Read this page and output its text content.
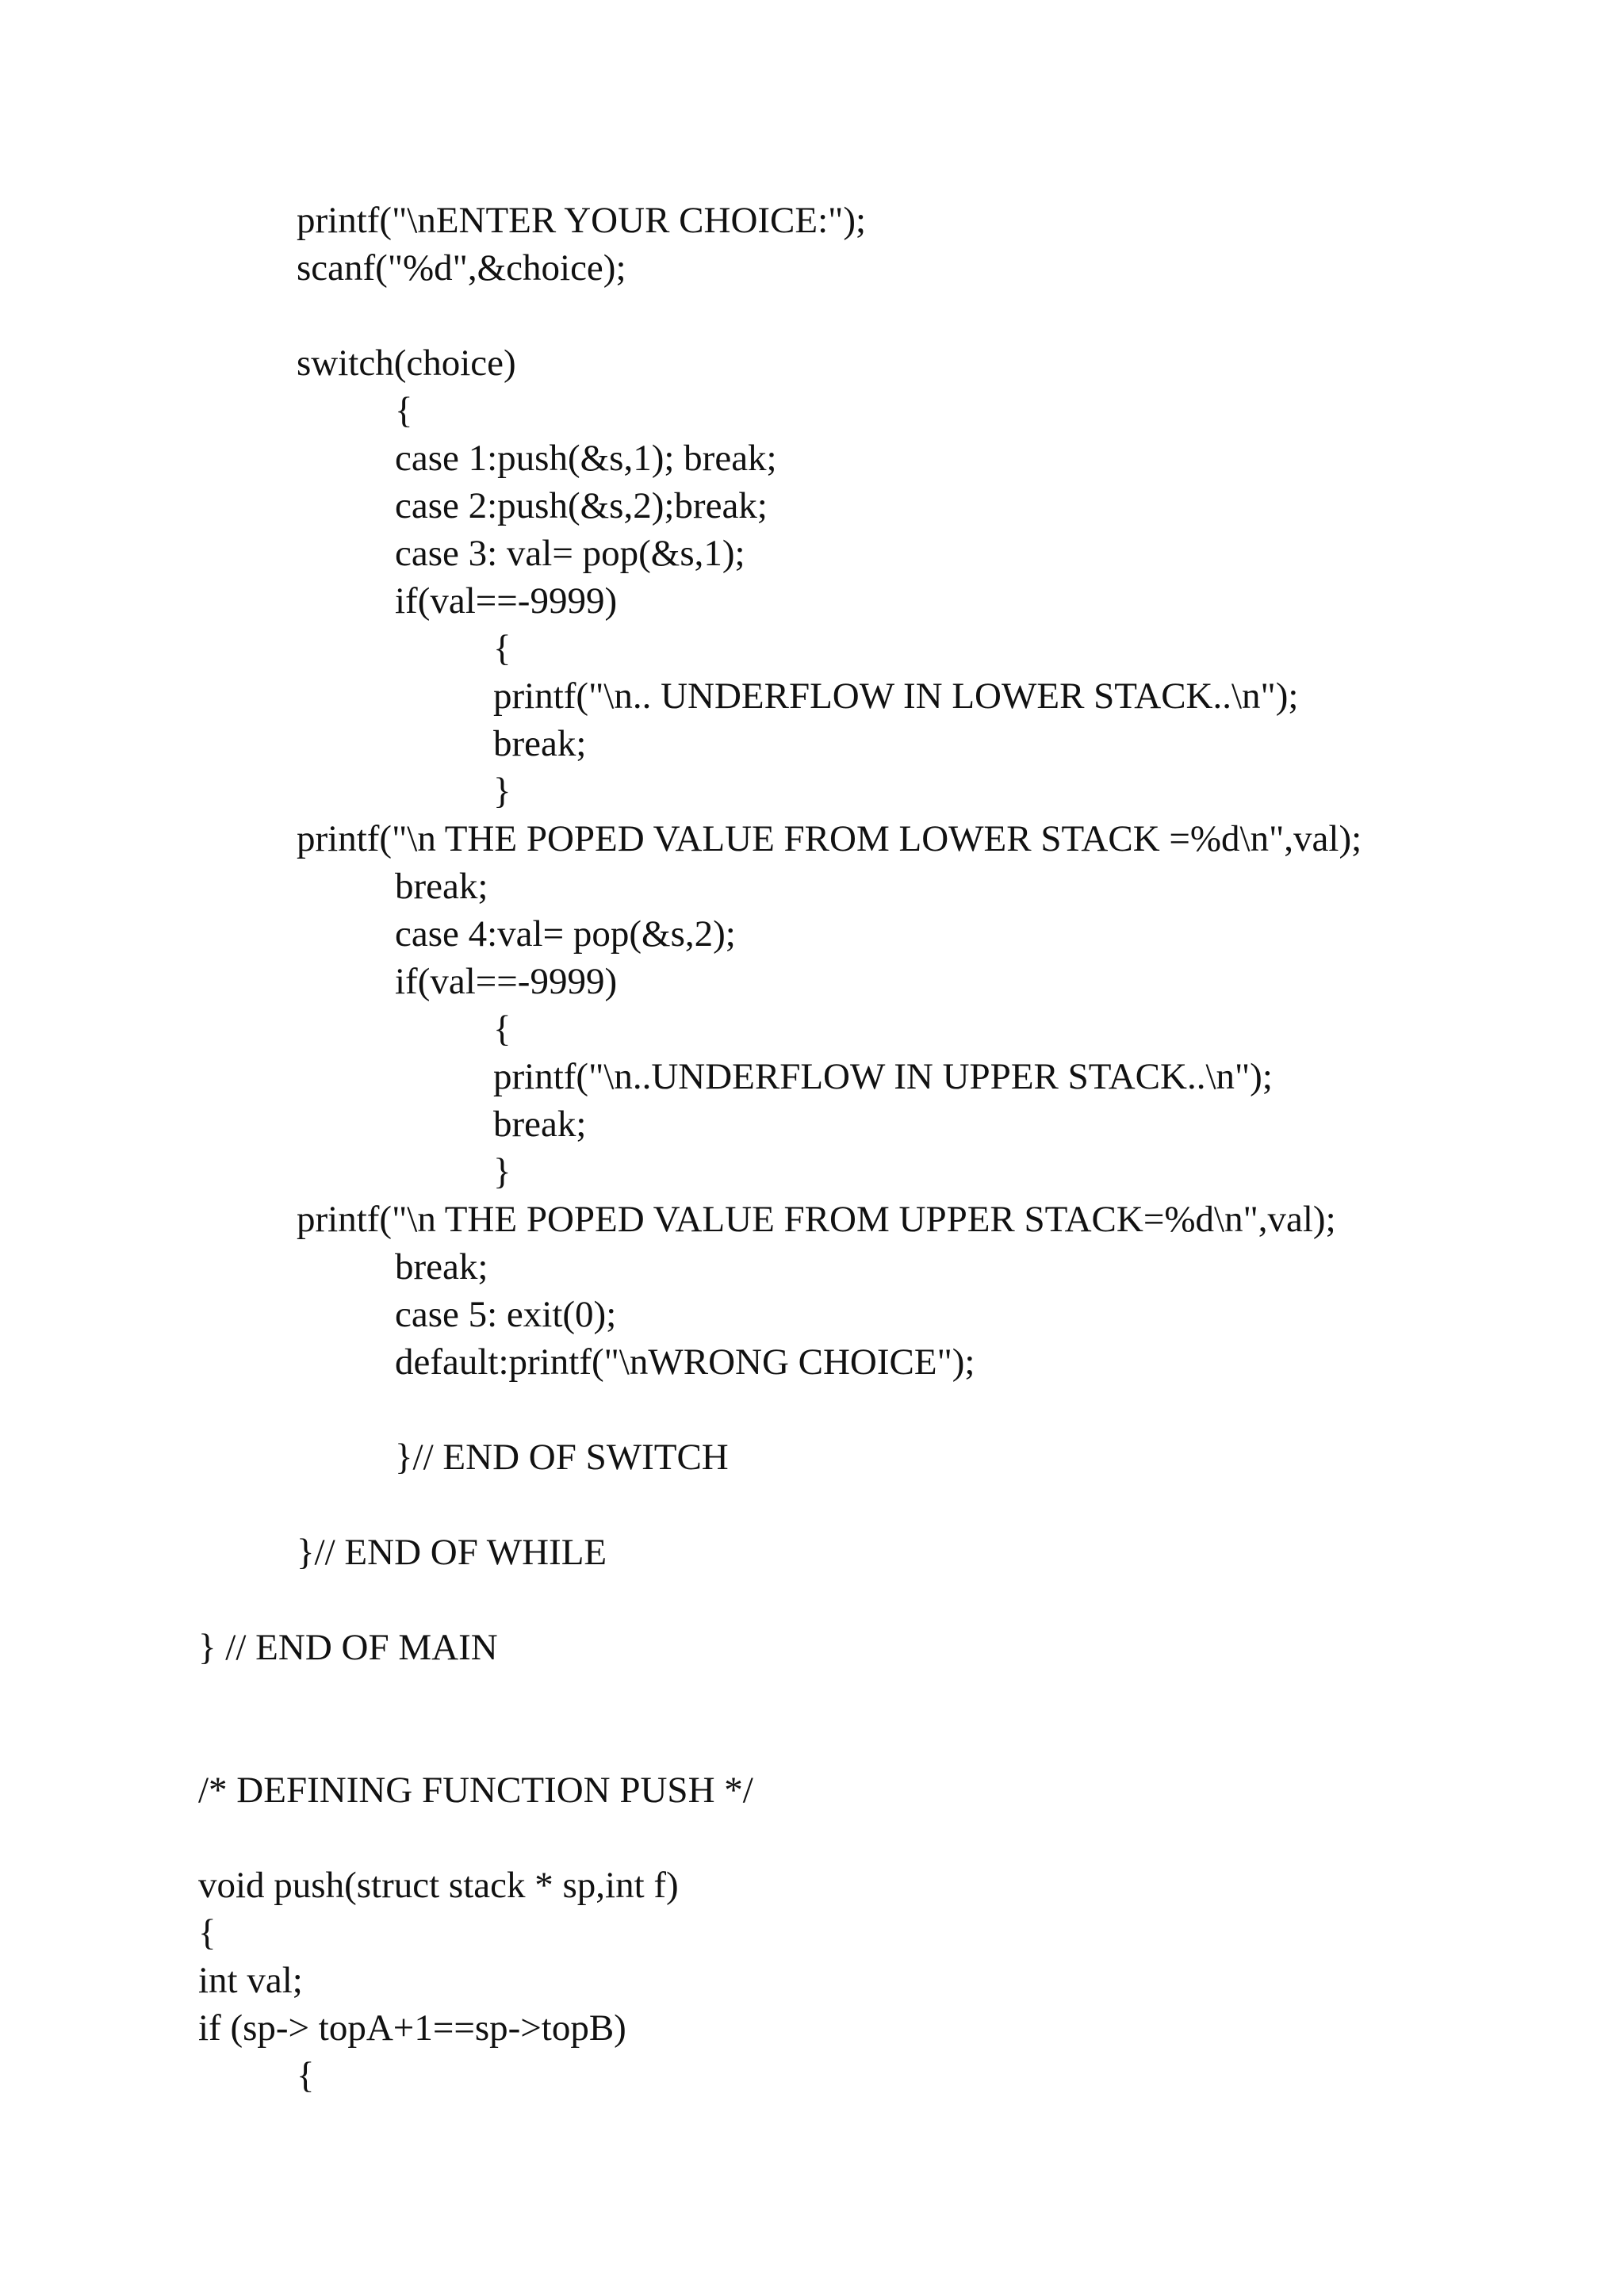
printf("\nENTER YOUR CHOICE:");

scanf("%d",&choice);

switch(choice)

{

case 1:push(&s,1); break;

case 2:push(&s,2);break;

case 3: val= pop(&s,1);

if(val==-9999)

{

printf("\n.. UNDERFLOW IN LOWER STACK..\n");

break;

}

printf("\n THE POPED VALUE FROM LOWER STACK =%d\n",val);

break;

case 4:val= pop(&s,2);

if(val==-9999)

{

printf("\n..UNDERFLOW IN UPPER STACK..\n");

break;

}

printf("\n THE POPED VALUE FROM UPPER STACK=%d\n",val);

break;

case 5: exit(0);

default:printf("\nWRONG CHOICE");

}// END OF SWITCH

}// END OF WHILE

} // END OF MAIN

/* DEFINING FUNCTION PUSH */

void push(struct stack * sp,int f)

{

int val;

if (sp-> topA+1==sp->topB)

{
